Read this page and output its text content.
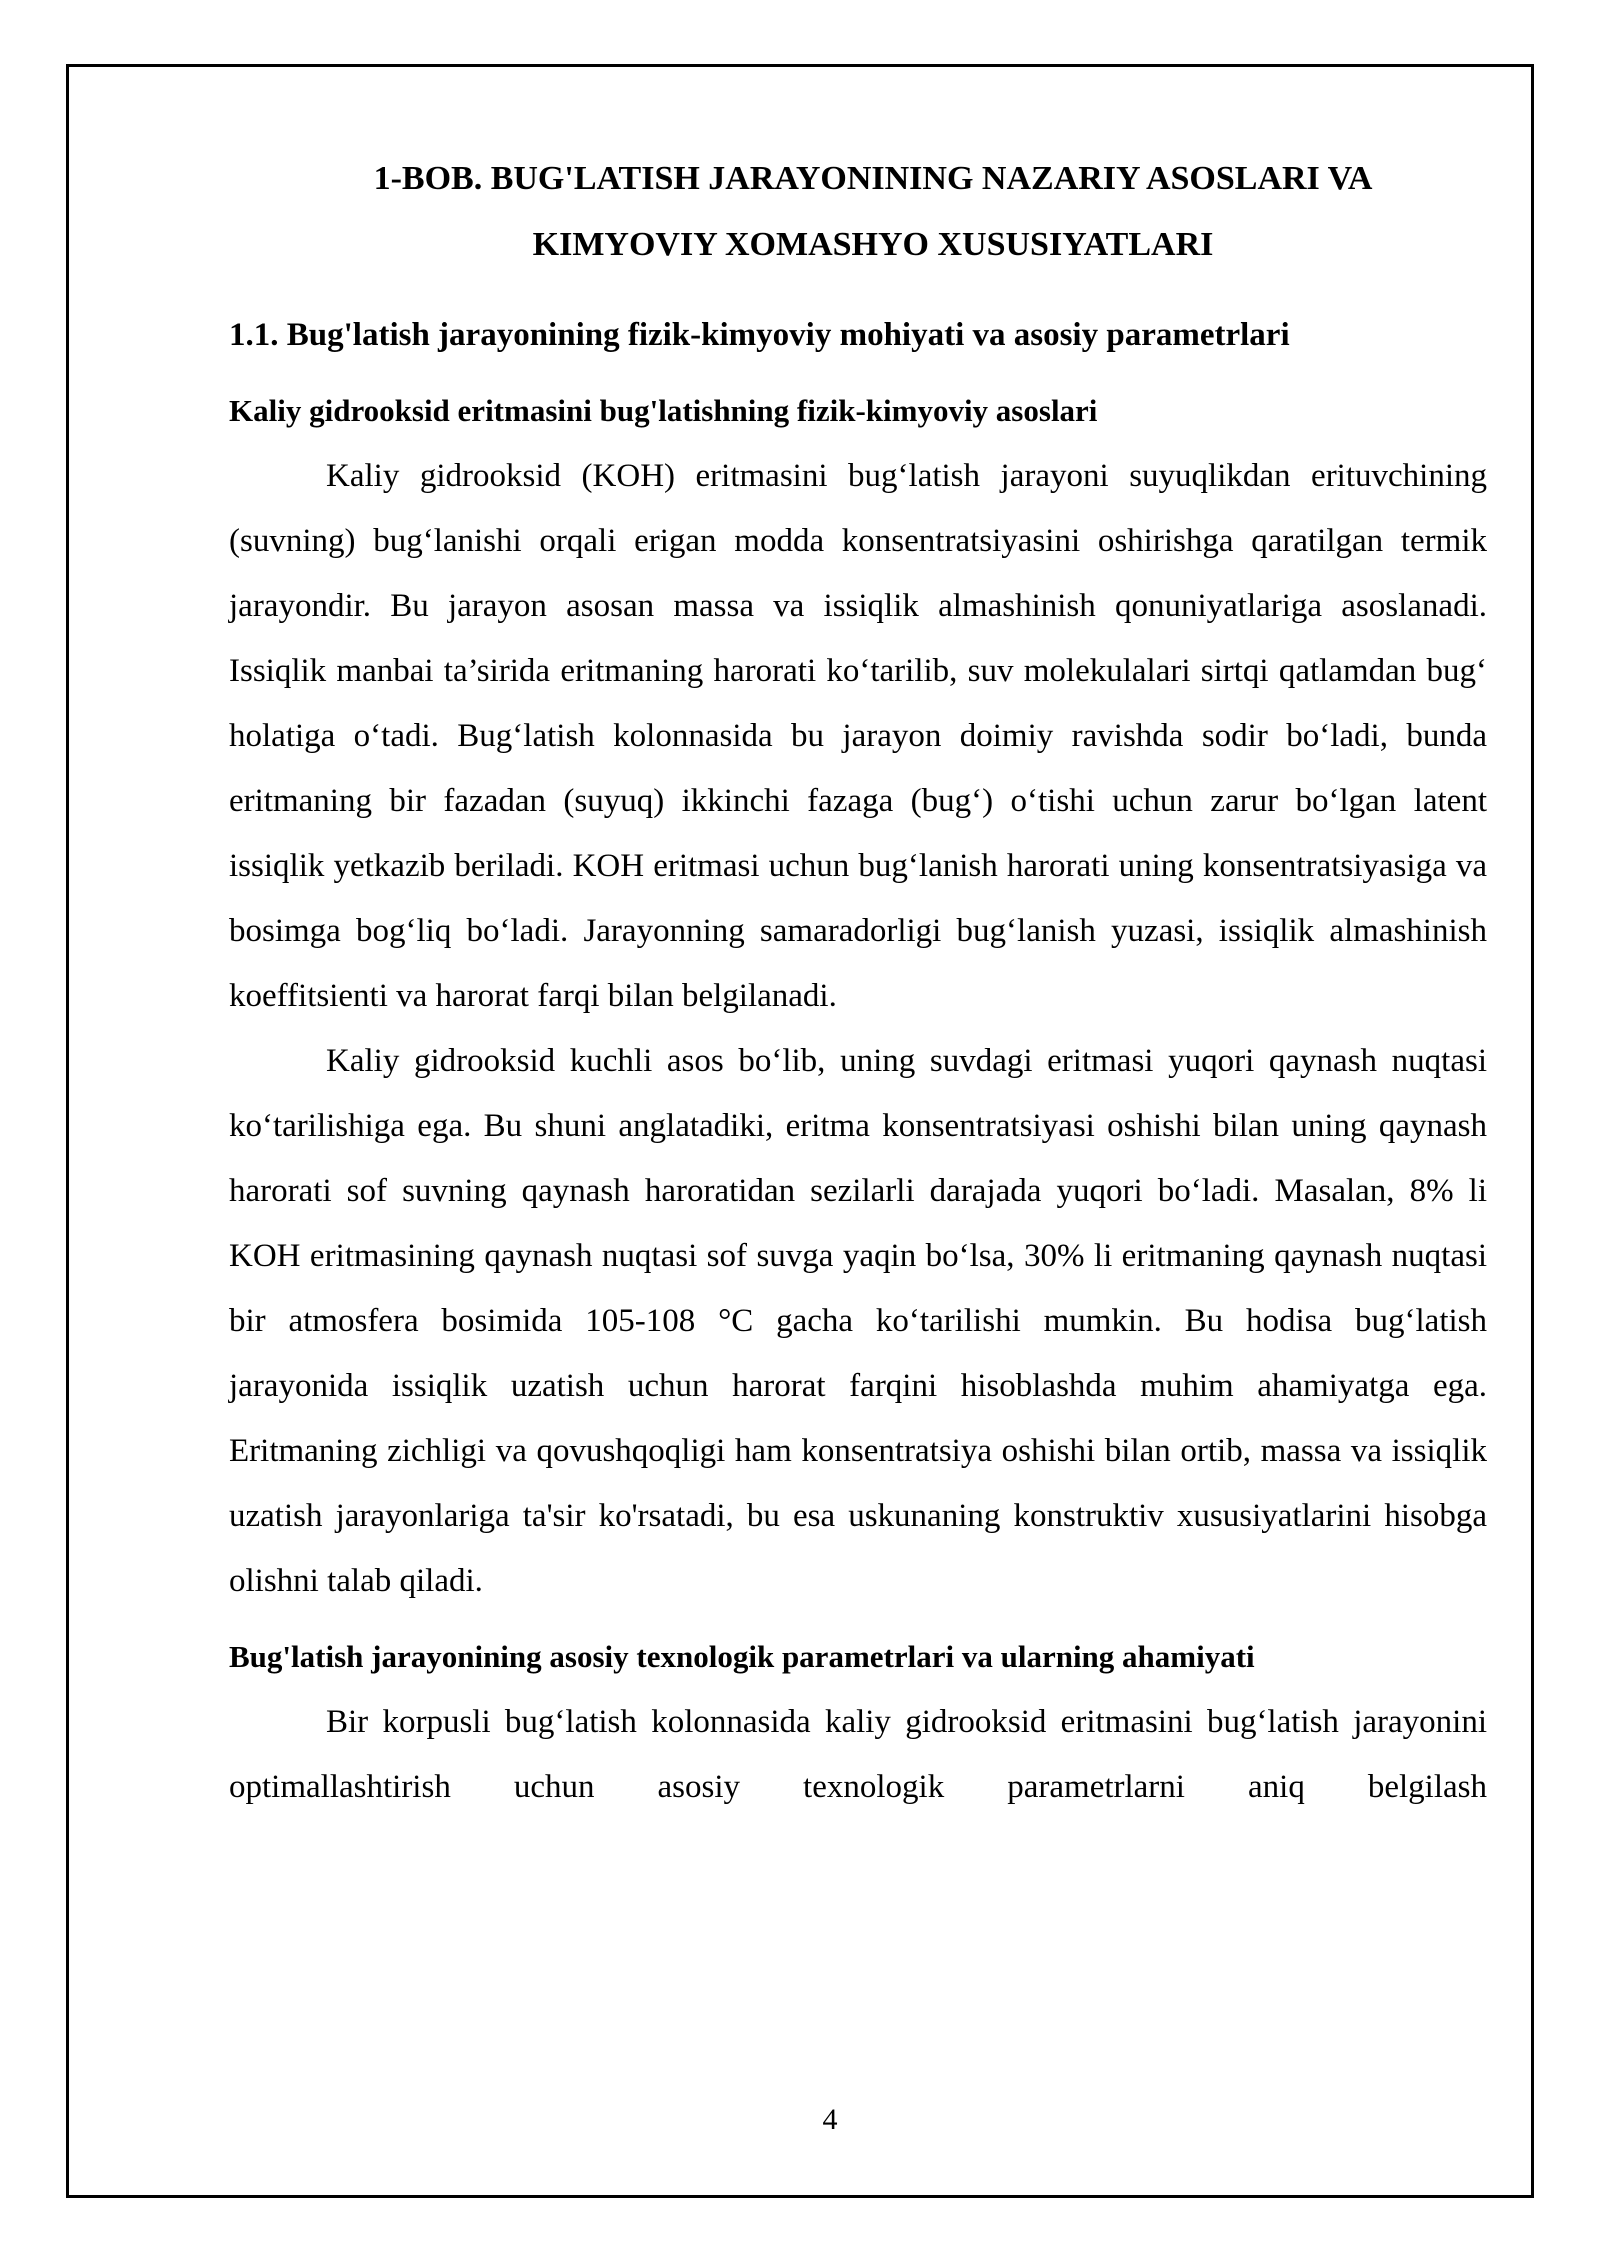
1-BOB. BUG'LATISH JARAYONINING NAZARIY ASOSLARI VA
KIMYOVIY XOMASHYO XUSUSIYATLARI
1.1. Bug'latish jarayonining fizik-kimyoviy mohiyati va asosiy parametrlari
Kaliy gidrooksid eritmasini bug'latishning fizik-kimyoviy asoslari

Kaliy gidrooksid (KOH) eritmasini bug‘latish jarayoni suyuqlikdan erituvchining (suvning) bug‘lanishi orqali erigan modda konsentratsiyasini oshirishga qaratilgan termik jarayondir. Bu jarayon asosan massa va issiqlik almashinish qonuniyatlariga asoslanadi. Issiqlik manbai ta’sirida eritmaning harorati ko‘tarilib, suv molekulalari sirtqi qatlamdan bug‘ holatiga o‘tadi. Bug‘latish kolonnasida bu jarayon doimiy ravishda sodir bo‘ladi, bunda eritmaning bir fazadan (suyuq) ikkinchi fazaga (bug‘) o‘tishi uchun zarur bo‘lgan latent issiqlik yetkazib beriladi. KOH eritmasi uchun bug‘lanish harorati uning konsentratsiyasiga va bosimga bog‘liq bo‘ladi. Jarayonning samaradorligi bug‘lanish yuzasi, issiqlik almashinish koeffitsienti va harorat farqi bilan belgilanadi.

Kaliy gidrooksid kuchli asos bo‘lib, uning suvdagi eritmasi yuqori qaynash nuqtasi ko‘tarilishiga ega. Bu shuni anglatadiki, eritma konsentratsiyasi oshishi bilan uning qaynash harorati sof suvning qaynash haroratidan sezilarli darajada yuqori bo‘ladi. Masalan, 8% li KOH eritmasining qaynash nuqtasi sof suvga yaqin bo‘lsa, 30% li eritmaning qaynash nuqtasi bir atmosfera bosimida 105-108 °C gacha ko‘tarilishi mumkin. Bu hodisa bug‘latish jarayonida issiqlik uzatish uchun harorat farqini hisoblashda muhim ahamiyatga ega. Eritmaning zichligi va qovushqoqligi ham konsentratsiya oshishi bilan ortib, massa va issiqlik uzatish jarayonlariga ta'sir ko'rsatadi, bu esa uskunaning konstruktiv xususiyatlarini hisobga olishni talab qiladi.

Bug'latish jarayonining asosiy texnologik parametrlari va ularning ahamiyati

Bir korpusli bug‘latish kolonnasida kaliy gidrooksid eritmasini bug‘latish jarayonini optimallashtirish uchun asosiy texnologik parametrlarni aniq belgilash

4
